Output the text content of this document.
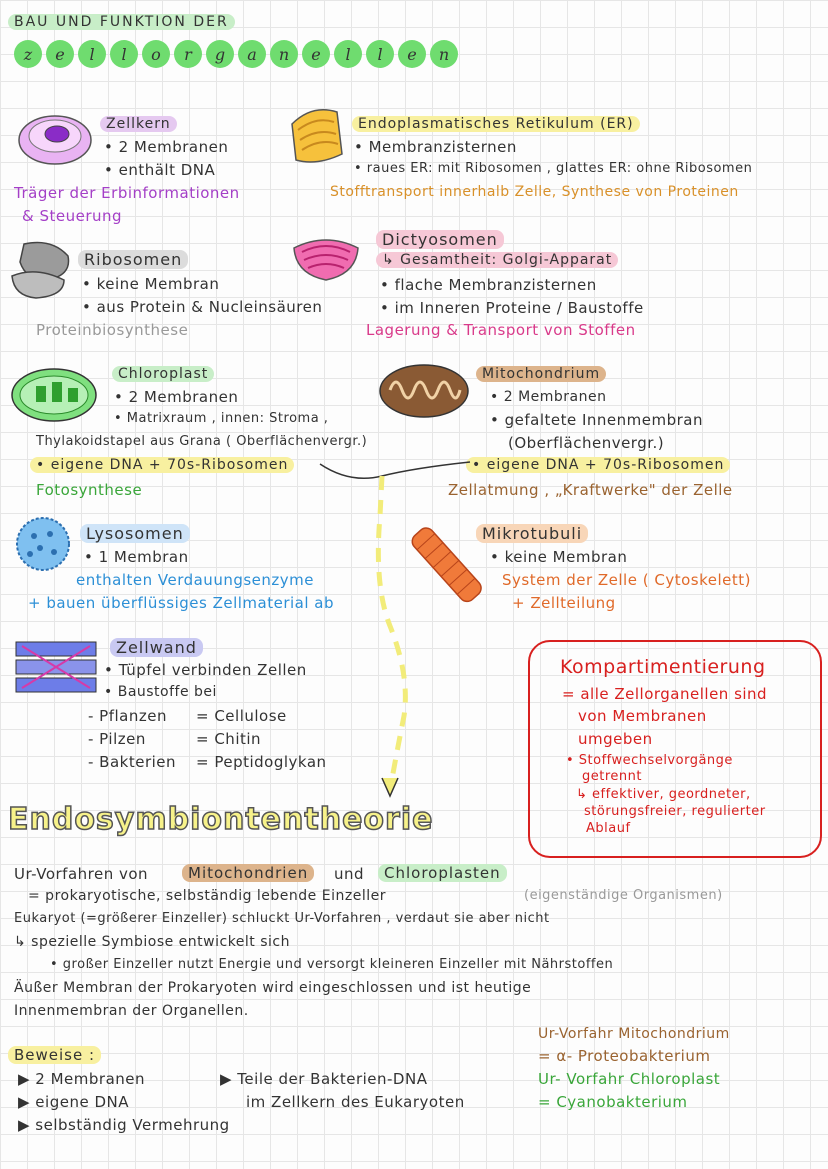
BAU UND FUNKTION DER
z	e	l	l	o	r	g	a	n	e	l	l	e	n
Zellkern
• 2 Membranen
• enthält DNA
Träger der Erbinformationen
& Steuerung
Endoplasmatisches Retikulum (ER)
• Membranzisternen
• raues ER: mit Ribosomen , glattes ER: ohne Ribosomen
Stofftransport innerhalb Zelle, Synthese von Proteinen
Ribosomen
• keine Membran
• aus Protein & Nucleinsäuren
Proteinbiosynthese
Dictyosomen
↳ Gesamtheit: Golgi-Apparat
• flache Membranzisternen
• im Inneren Proteine / Baustoffe
Lagerung & Transport von Stoffen
Chloroplast
• 2 Membranen
• Matrixraum , innen: Stroma ,
Thylakoidstapel aus Grana ( Oberflächenvergr.)
• eigene DNA + 70s-Ribosomen
Fotosynthese
Mitochondrium
• 2 Membranen
• gefaltete Innenmembran
(Oberflächenvergr.)
• eigene DNA + 70s-Ribosomen
Zellatmung , „Kraftwerke" der Zelle
Lysosomen
• 1 Membran
enthalten Verdauungsenzyme
+ bauen überflüssiges Zellmaterial ab
Mikrotubuli
• keine Membran
System der Zelle ( Cytoskelett)
+ Zellteilung
Zellwand
• Tüpfel verbinden Zellen
• Baustoffe bei
- Pflanzen = Cellulose
- Pilzen	= Chitin
- Bakterien = Peptidoglykan
Kompartimentierung
= alle Zellorganellen sind
von Membranen
umgeben
• Stoffwechselvorgänge
getrennt
↳ effektiver, geordneter,
störungsfreier, regulierter
Ablauf
Endosymbiontentheorie
Ur-Vorfahren von	Mitochondrien	und	Chloroplasten
= prokaryotische, selbständig lebende Einzeller	(eigenständige Organismen)
Eukaryot (=größerer Einzeller) schluckt Ur-Vorfahren , verdaut sie aber nicht
↳ spezielle Symbiose entwickelt sich
• großer Einzeller nutzt Energie und versorgt kleineren Einzeller mit Nährstoffen
Äußer Membran der Prokaryoten wird eingeschlossen und ist heutige
Innenmembran der Organellen.
Beweise :
▶ 2 Membranen
▶ eigene DNA
▶ selbständig Vermehrung
▶ Teile der Bakterien-DNA
im Zellkern des Eukaryoten
Ur-Vorfahr Mitochondrium
= α- Proteobakterium
Ur- Vorfahr Chloroplast
= Cyanobakterium
